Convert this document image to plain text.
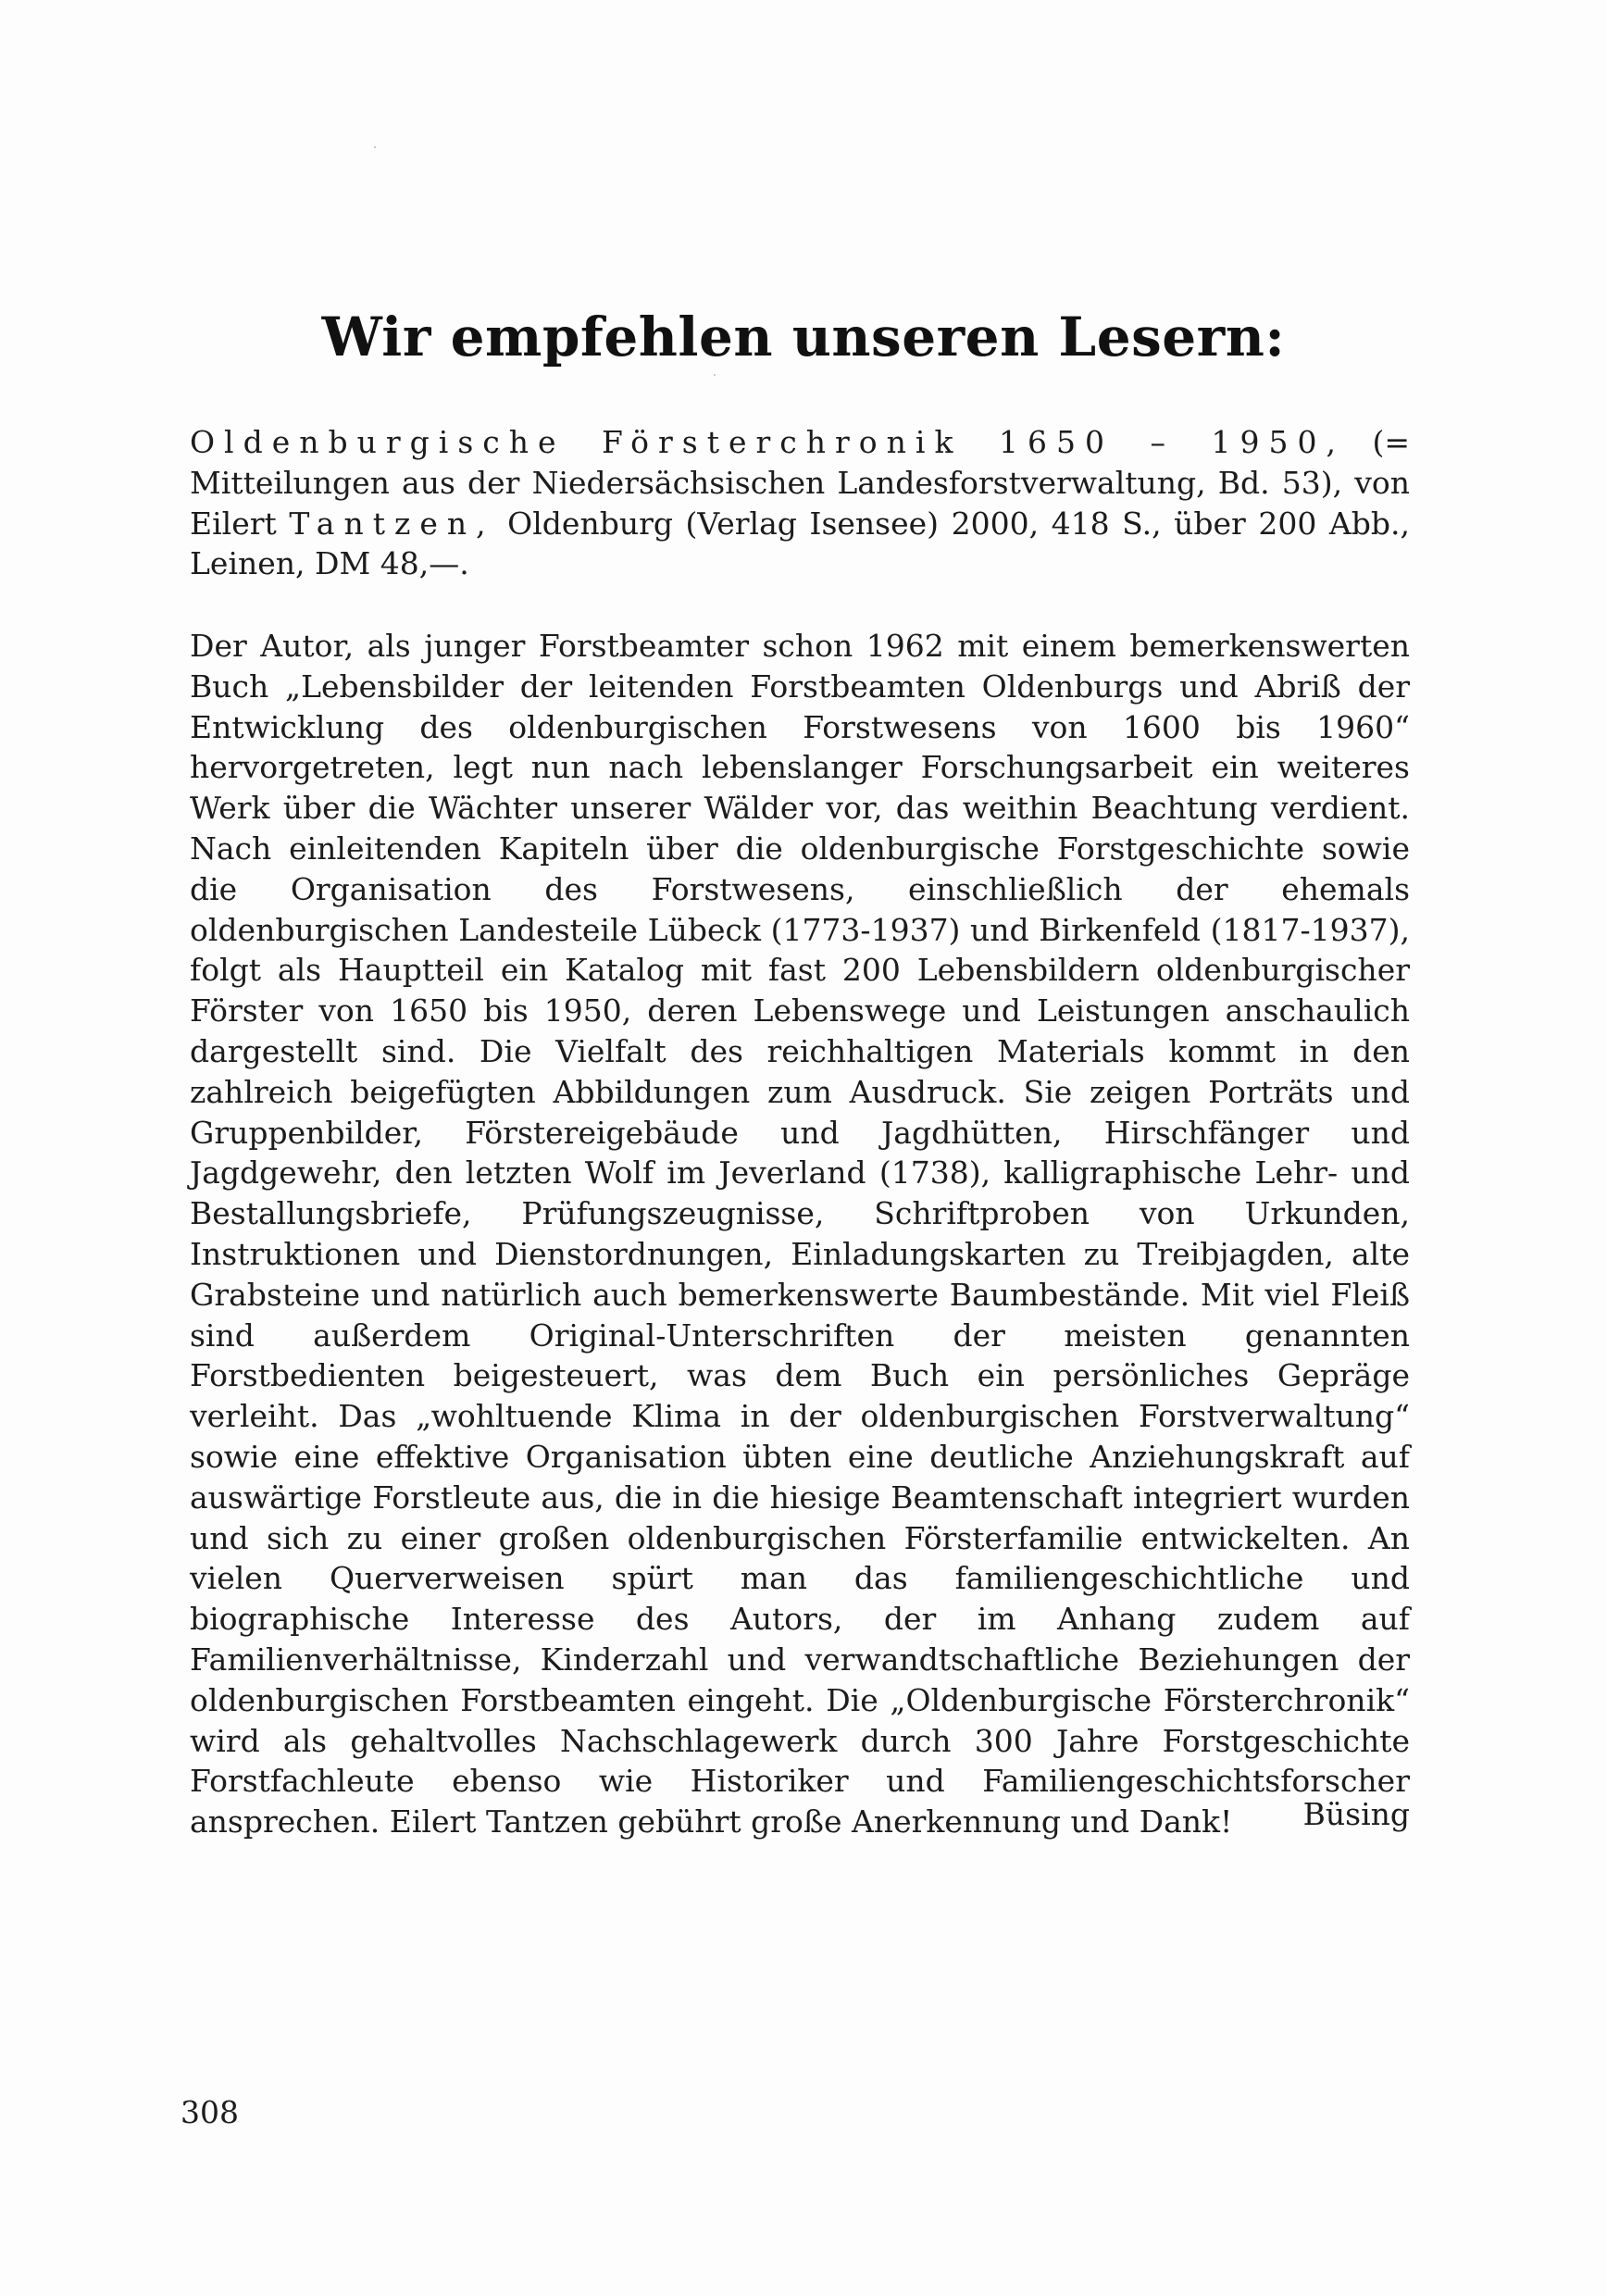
Wir empfehlen unseren Lesern:

Oldenburgische Försterchronik 1650 – 1950, (= Mitteilungen aus der Niedersächsischen Landesforstverwaltung, Bd. 53), von Eilert Tantzen, Oldenburg (Verlag Isensee) 2000, 418 S., über 200 Abb., Leinen, DM 48,—.

Der Autor, als junger Forstbeamter schon 1962 mit einem bemerkenswerten Buch „Lebensbilder der leitenden Forstbeamten Oldenburgs und Abriß der Entwicklung des oldenburgischen Forstwesens von 1600 bis 1960“ hervorgetreten, legt nun nach lebenslanger Forschungsarbeit ein weiteres Werk über die Wächter unserer Wälder vor, das weithin Beachtung verdient. Nach einleitenden Kapiteln über die oldenburgische Forstgeschichte sowie die Organisation des Forstwesens, einschließlich der ehemals oldenburgischen Landesteile Lübeck (1773-1937) und Birkenfeld (1817-1937), folgt als Hauptteil ein Katalog mit fast 200 Lebensbildern oldenburgischer Förster von 1650 bis 1950, deren Lebenswege und Leistungen anschaulich dargestellt sind. Die Vielfalt des reichhaltigen Materials kommt in den zahlreich beigefügten Abbildungen zum Ausdruck. Sie zeigen Porträts und Gruppenbilder, Förstereigebäude und Jagdhütten, Hirschfänger und Jagdgewehr, den letzten Wolf im Jeverland (1738), kalligraphische Lehr- und Bestallungsbriefe, Prüfungszeugnisse, Schriftproben von Urkunden, Instruktionen und Dienstordnungen, Einladungskarten zu Treibjagden, alte Grabsteine und natürlich auch bemerkenswerte Baumbestände. Mit viel Fleiß sind außerdem Original-Unterschriften der meisten genannten Forstbedienten beigesteuert, was dem Buch ein persönliches Gepräge verleiht. Das „wohltuende Klima in der oldenburgischen Forstverwaltung“ sowie eine effektive Organisation übten eine deutliche Anziehungskraft auf auswärtige Forstleute aus, die in die hiesige Beamtenschaft integriert wurden und sich zu einer großen oldenburgischen Försterfamilie entwickelten. An vielen Querverweisen spürt man das familiengeschichtliche und biographische Interesse des Autors, der im Anhang zudem auf Familienverhältnisse, Kinderzahl und verwandtschaftliche Beziehungen der oldenburgischen Forstbeamten eingeht. Die „Oldenburgische Försterchronik“ wird als gehaltvolles Nachschlagewerk durch 300 Jahre Forstgeschichte Forstfachleute ebenso wie Historiker und Familiengeschichtsforscher ansprechen. Eilert Tantzen gebührt große Anerkennung und Dank!	Büsing
308
